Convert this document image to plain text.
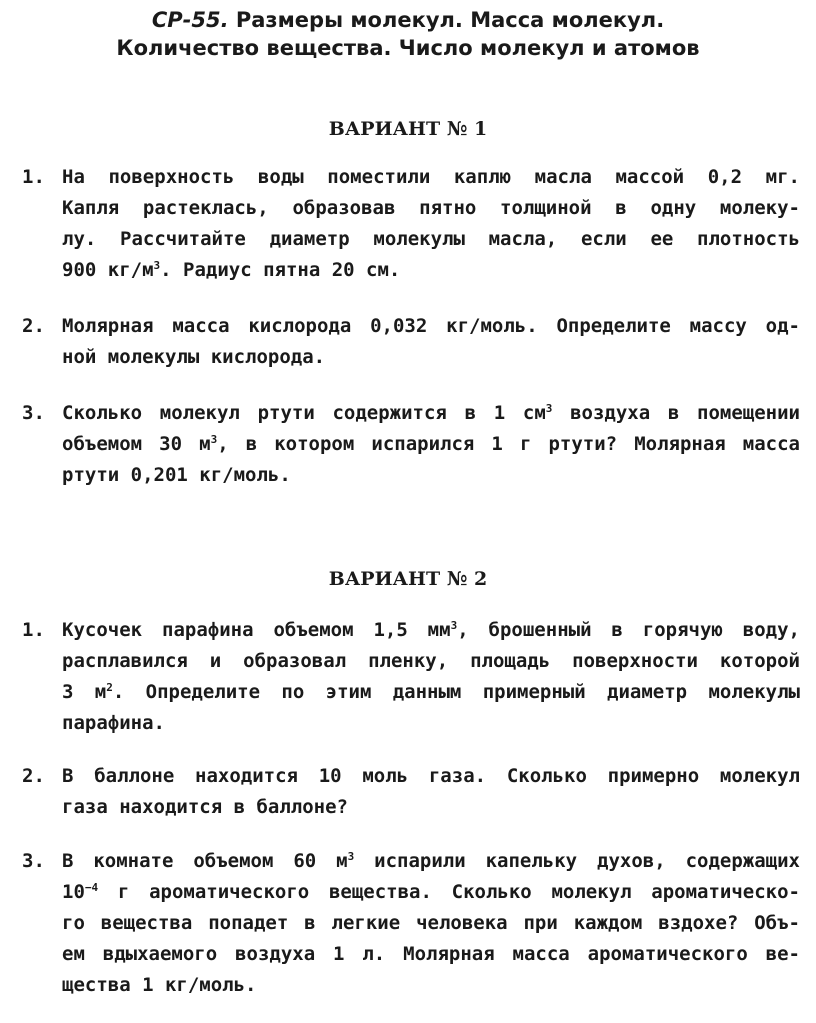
СР-55. Размеры молекул. Масса молекул.
Количество вещества. Число молекул и атомов
ВАРИАНТ № 1
1. На поверхность воды поместили каплю масла массой 0,2 мг.
Капля растеклась, образовав пятно толщиной в одну молеку-
лу. Рассчитайте диаметр молекулы масла, если ее плотность
900 $кг/м^3$. Радиус пятна 20 см.
2. Молярная масса кислорода 0,032 кг/моль. Определите массу од-
ной молекулы кислорода.
3. Сколько молекул ртути содержится в 1 $см^3$ воздуха в помещении
объемом 30 $м^3$, в котором испарился 1 г ртути? Молярная масса
ртути 0,201 кг/моль.
ВАРИАНТ № 2
1. Кусочек парафина объемом 1,5 $мм^3$, брошенный в горячую воду,
расплавился и образовал пленку, площадь поверхности которой
3 $м^2$. Определите по этим данным примерный диаметр молекулы
парафина.
2. В баллоне находится 10 моль газа. Сколько примерно молекул
газа находится в баллоне?
3. В комнате объемом 60 $м^3$ испарили капельку духов, содержащих
$10^{-4}$ г ароматического вещества. Сколько молекул ароматическо-
го вещества попадет в легкие человека при каждом вздохе? Объ-
ем вдыхаемого воздуха 1 л. Молярная масса ароматического ве-
щества 1 кг/моль.
